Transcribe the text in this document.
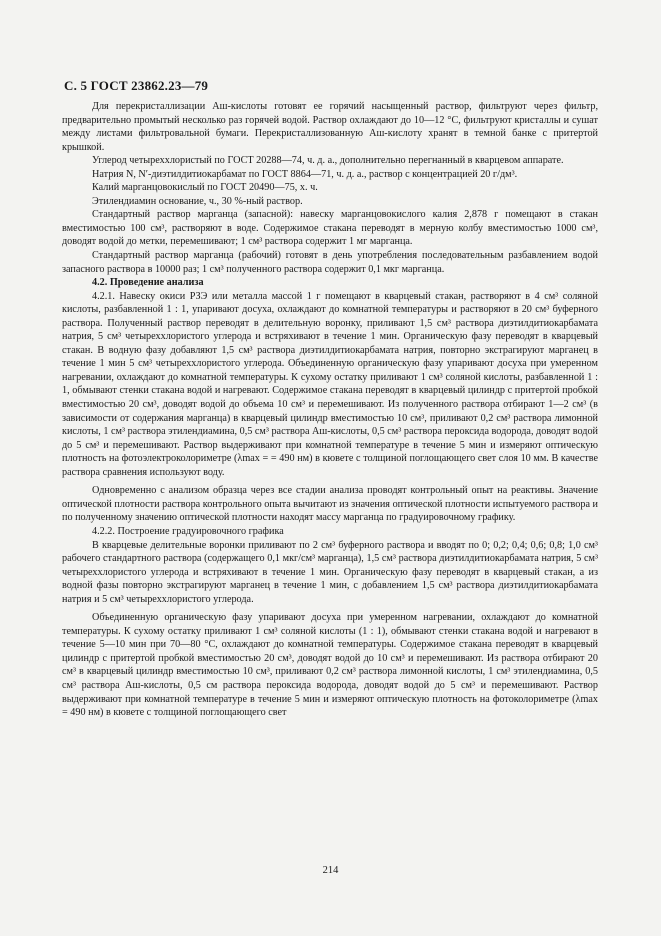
С. 5 ГОСТ 23862.23—79

Для перекристаллизации Аш-кислоты готовят ее горячий насыщенный раствор, фильтруют через фильтр, предварительно промытый несколько раз горячей водой. Раствор охлаждают до 10—12 °С, фильтруют кристаллы и сушат между листами фильтровальной бумаги. Перекристаллизованную Аш-кислоту хранят в темной банке с притертой крышкой.

Углерод четыреххлористый по ГОСТ 20288—74, ч. д. а., дополнительно перегнанный в кварцевом аппарате.

Натрия N, N′-диэтилдитиокарбамат по ГОСТ 8864—71, ч. д. а., раствор с концентрацией 20 г/дм³.

Калий марганцовокислый по ГОСТ 20490—75, х. ч.

Этилендиамин основание, ч., 30 %-ный раствор.

Стандартный раствор марганца (запасной): навеску марганцовокислого калия 2,878 г помещают в стакан вместимостью 100 см³, растворяют в воде. Содержимое стакана переводят в мерную колбу вместимостью 1000 см³, доводят водой до метки, перемешивают; 1 см³ раствора содержит 1 мг марганца.

Стандартный раствор марганца (рабочий) готовят в день употребления последовательным разбавлением водой запасного раствора в 10000 раз; 1 см³ полученного раствора содержит 0,1 мкг марганца.

4.2. Проведение анализа

4.2.1. Навеску окиси РЗЭ или металла массой 1 г помещают в кварцевый стакан, растворяют в 4 см³ соляной кислоты, разбавленной 1 : 1, упаривают досуха, охлаждают до комнатной температуры и растворяют в 20 см³ буферного раствора. Полученный раствор переводят в делительную воронку, приливают 1,5 см³ раствора диэтилдитиокарбамата натрия, 5 см³ четыреххлористого углерода и встряхивают в течение 1 мин. Органическую фазу переводят в кварцевый стакан. В водную фазу добавляют 1,5 см³ раствора диэтилдитиокарбамата натрия, повторно экстрагируют марганец в течение 1 мин 5 см³ четыреххлористого углерода. Объединенную органическую фазу упаривают досуха при умеренном нагревании, охлаждают до комнатной температуры. К сухому остатку приливают 1 см³ соляной кислоты, разбавленной 1 : 1, обмывают стенки стакана водой и нагревают. Содержимое стакана переводят в кварцевый цилиндр с притертой пробкой вместимостью 20 см³, доводят водой до объема 10 см³ и перемешивают. Из полученного раствора отбирают 1—2 см³ (в зависимости от содержания марганца) в кварцевый цилиндр вместимостью 10 см³, приливают 0,2 см³ раствора лимонной кислоты, 1 см³ раствора этилендиамина, 0,5 см³ раствора Аш-кислоты, 0,5 см³ раствора пероксида водорода, доводят водой до 5 см³ и перемешивают. Раствор выдерживают при комнатной температуре в течение 5 мин и измеряют оптическую плотность на фотоэлектроколориметре (λmax = = 490 нм) в кювете с толщиной поглощающего свет слоя 10 мм. В качестве раствора сравнения используют воду.

Одновременно с анализом образца через все стадии анализа проводят контрольный опыт на реактивы. Значение оптической плотности раствора контрольного опыта вычитают из значения оптической плотности испытуемого раствора и по полученному значению оптической плотности находят массу марганца по градуировочному графику.

4.2.2. Построение градуировочного графика

В кварцевые делительные воронки приливают по 2 см³ буферного раствора и вводят по 0; 0,2; 0,4; 0,6; 0,8; 1,0 см³ рабочего стандартного раствора (содержащего 0,1 мкг/см³ марганца), 1,5 см³ раствора диэтилдитиокарбамата натрия, 5 см³ четыреххлористого углерода и встряхивают в течение 1 мин. Органическую фазу переводят в кварцевый стакан, а из водной фазы повторно экстрагируют марганец в течение 1 мин, с добавлением 1,5 см³ раствора диэтилдитиокарбамата натрия и 5 см³ четыреххлористого углерода.

Объединенную органическую фазу упаривают досуха при умеренном нагревании, охлаждают до комнатной температуры. К сухому остатку приливают 1 см³ соляной кислоты (1 : 1), обмывают стенки стакана водой и нагревают в течение 5—10 мин при 70—80 °С, охлаждают до комнатной температуры. Содержимое стакана переводят в кварцевый цилиндр с притертой пробкой вместимостью 20 см³, доводят водой до 10 см³ и перемешивают. Из раствора отбирают 20 см³ в кварцевый цилиндр вместимостью 10 см³, приливают 0,2 см³ раствора лимонной кислоты, 1 см³ этилендиамина, 0,5 см³ раствора Аш-кислоты, 0,5 см раствора пероксида водорода, доводят водой до 5 см³ и перемешивают. Раствор выдерживают при комнатной температуре в течение 5 мин и измеряют оптическую плотность на фотоколориметре (λmax = 490 нм) в кювете с толщиной поглощающего свет

214
